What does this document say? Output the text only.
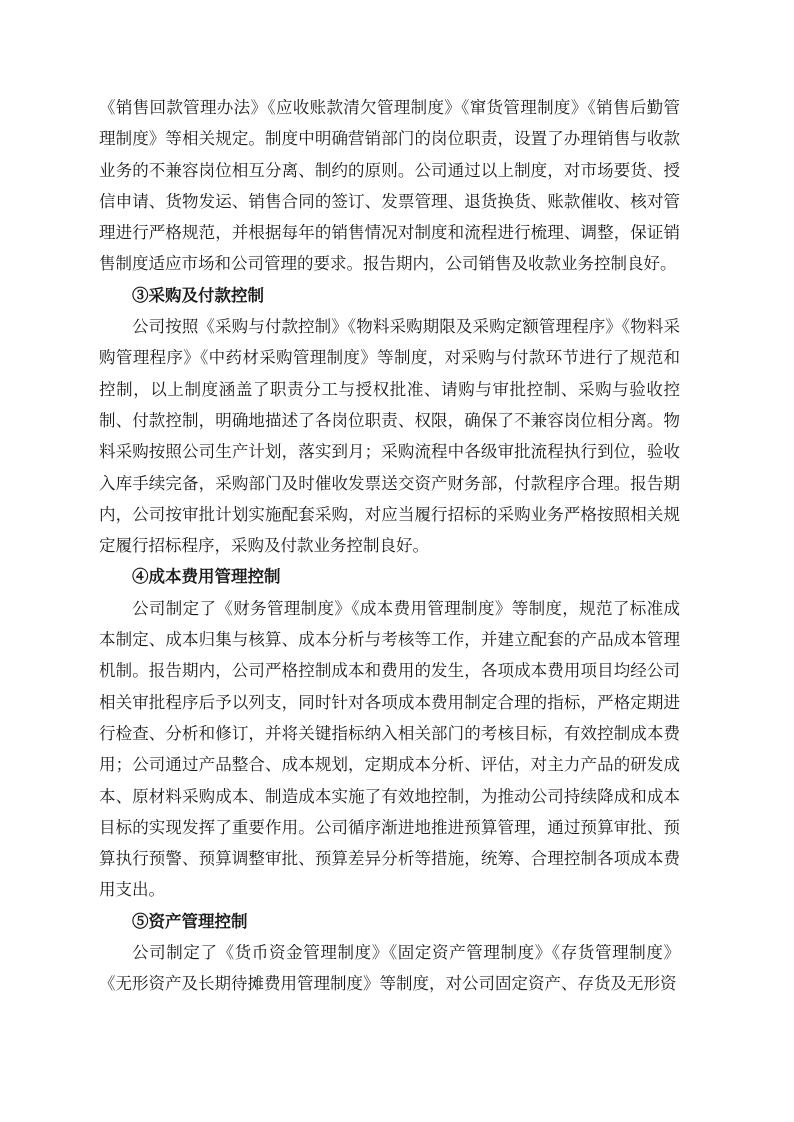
《销售回款管理办法》《应收账款清欠管理制度》《窜货管理制度》《销售后勤管理制度》等相关规定。制度中明确营销部门的岗位职责，设置了办理销售与收款业务的不兼容岗位相互分离、制约的原则。公司通过以上制度，对市场要货、授信申请、货物发运、销售合同的签订、发票管理、退货换货、账款催收、核对管理进行严格规范，并根据每年的销售情况对制度和流程进行梳理、调整，保证销售制度适应市场和公司管理的要求。报告期内，公司销售及收款业务控制良好。

③采购及付款控制

公司按照《采购与付款控制》《物料采购期限及采购定额管理程序》《物料采购管理程序》《中药材采购管理制度》等制度，对采购与付款环节进行了规范和控制，以上制度涵盖了职责分工与授权批准、请购与审批控制、采购与验收控制、付款控制，明确地描述了各岗位职责、权限，确保了不兼容岗位相分离。物料采购按照公司生产计划，落实到月；采购流程中各级审批流程执行到位，验收入库手续完备，采购部门及时催收发票送交资产财务部，付款程序合理。报告期内，公司按审批计划实施配套采购，对应当履行招标的采购业务严格按照相关规定履行招标程序，采购及付款业务控制良好。

④成本费用管理控制

公司制定了《财务管理制度》《成本费用管理制度》等制度，规范了标准成本制定、成本归集与核算、成本分析与考核等工作，并建立配套的产品成本管理机制。报告期内，公司严格控制成本和费用的发生，各项成本费用项目均经公司相关审批程序后予以列支，同时针对各项成本费用制定合理的指标，严格定期进行检查、分析和修订，并将关键指标纳入相关部门的考核目标，有效控制成本费用；公司通过产品整合、成本规划，定期成本分析、评估，对主力产品的研发成本、原材料采购成本、制造成本实施了有效地控制，为推动公司持续降成和成本目标的实现发挥了重要作用。公司循序渐进地推进预算管理，通过预算审批、预算执行预警、预算调整审批、预算差异分析等措施，统筹、合理控制各项成本费用支出。

⑤资产管理控制

公司制定了《货币资金管理制度》《固定资产管理制度》《存货管理制度》《无形资产及长期待摊费用管理制度》等制度，对公司固定资产、存货及无形资
